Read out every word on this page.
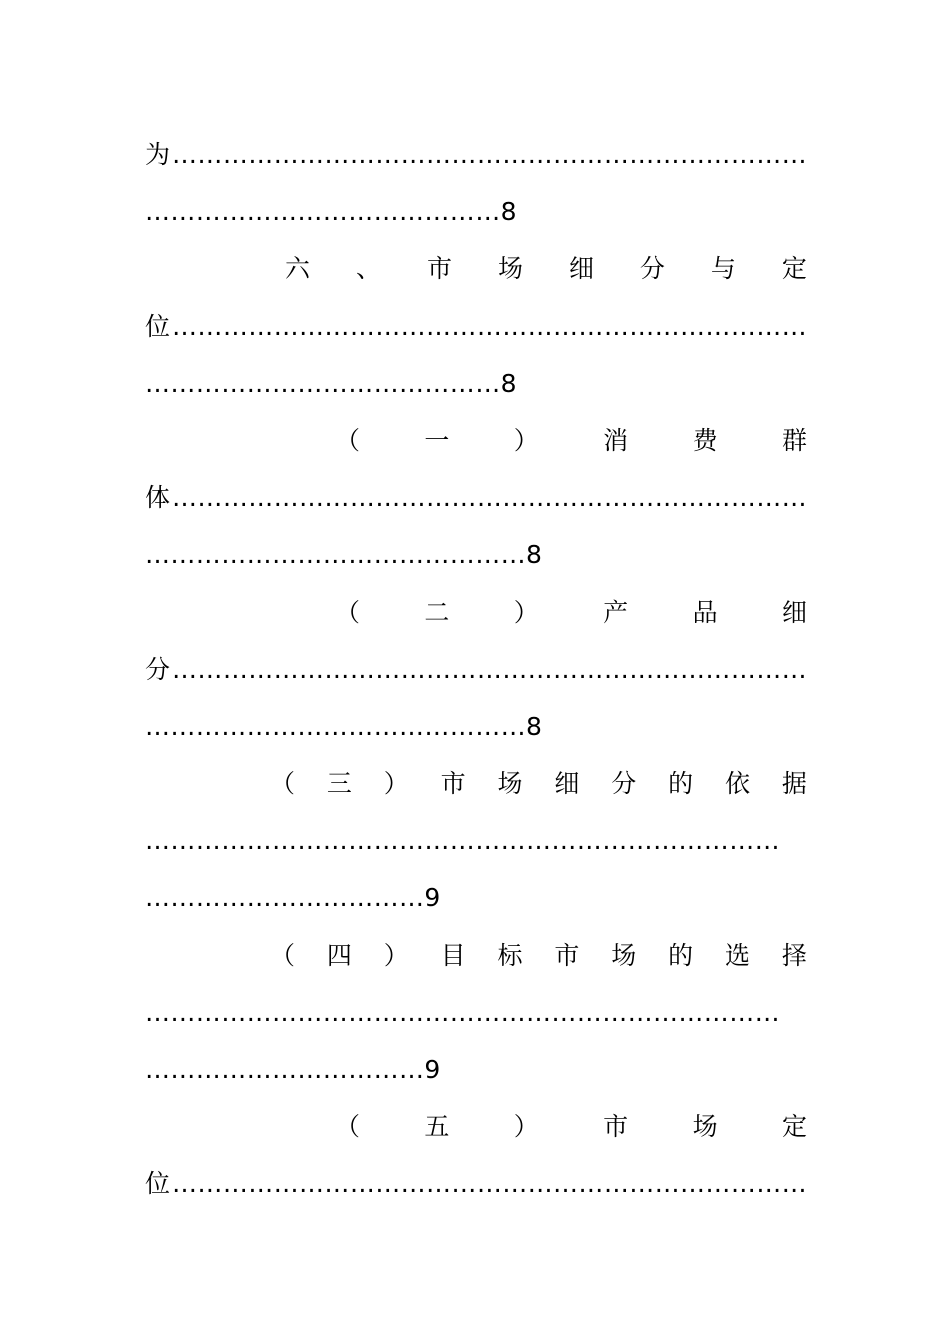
为…………………………………………………………………
……………………………………8
六 、 市 场 细 分 与 定
位…………………………………………………………………
……………………………………8
（	一	）	消	费	群
体…………………………………………………………………
………………………………………8
（	二	）	产	品	细
分…………………………………………………………………
………………………………………8
（ 三 ） 市 场 细 分 的 依 据
…………………………………………………………………
……………………………9
（ 四 ） 目 标 市 场 的 选 择
…………………………………………………………………
……………………………9
（	五	）	市	场	定
位…………………………………………………………………
